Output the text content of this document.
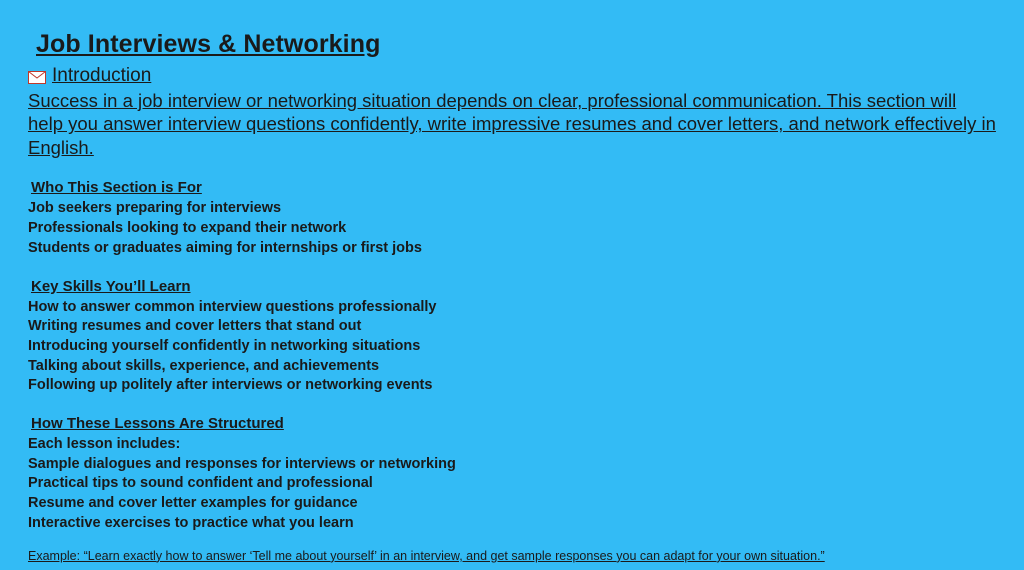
Job Interviews & Networking
Introduction

Success in a job interview or networking situation depends on clear, professional communication. This section will help you answer interview questions confidently, write impressive resumes and cover letters, and network effectively in English.

Who This Section is For

Job seekers preparing for interviews

Professionals looking to expand their network

Students or graduates aiming for internships or first jobs

Key Skills You’ll Learn

How to answer common interview questions professionally

Writing resumes and cover letters that stand out

Introducing yourself confidently in networking situations

Talking about skills, experience, and achievements

Following up politely after interviews or networking events

How These Lessons Are Structured

Each lesson includes:

Sample dialogues and responses for interviews or networking

Practical tips to sound confident and professional

Resume and cover letter examples for guidance

Interactive exercises to practice what you learn

Example: “Learn exactly how to answer ‘Tell me about yourself’ in an interview, and get sample responses you can adapt for your own situation.”
